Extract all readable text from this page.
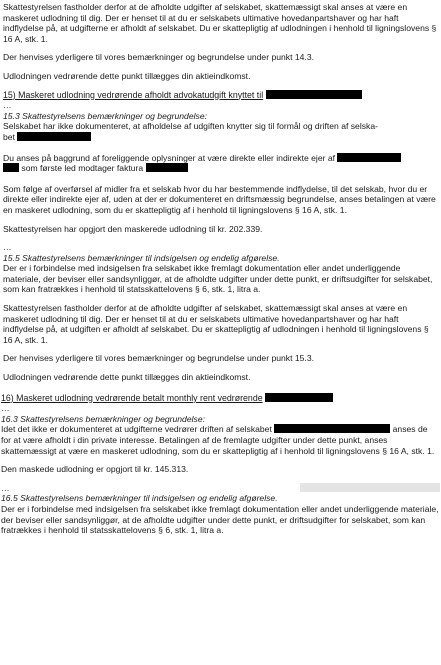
Skattestyrelsen fastholder derfor at de afholdte udgifter af selskabet, skattemæssigt skal anses at være en maskeret udlodning til dig. Der er henset til at du er selskabets ultimative hovedanpartshaver og har haft indflydelse på, at udgifterne er afholdt af selskabet. Du er skattepligtig af udlodningen i henhold til ligningslovens § 16 A, stk. 1.

Der henvises yderligere til vores bemærkninger og begrundelse under punkt 14.3.

Udlodningen vedrørende dette punkt tillægges din aktieindkomst.

15) Maskeret udlodning vedrørende afholdt advokatudgift knyttet til

…

15.3 Skattestyrelsens bemærkninger og begrundelse:

Selskabet har ikke dokumenteret, at afholdelse af udgiften knytter sig til formål og driften af selska-

bet

Du anses på baggrund af foreliggende oplysninger at være direkte eller indirekte ejer af
som første led modtager faktura

Som følge af overførsel af midler fra et selskab hvor du har bestemmende indflydelse, til det selskab, hvor du er direkte eller indirekte ejer af, uden at der er dokumenteret en driftsmæssig begrundelse, anses betalingen at være en maskeret udlodning, som du er skattepligtig af i henhold til ligningslovens § 16 A, stk. 1.

Skattestyrelsen har opgjort den maskerede udlodning til kr. 202.339.

…

15.5 Skattestyrelsens bemærkninger til indsigelsen og endelig afgørelse.

Der er i forbindelse med indsigelsen fra selskabet ikke fremlagt dokumentation eller andet underliggende materiale, der beviser eller sandsynliggør, at de afholdte udgifter under dette punkt, er driftsudgifter for selskabet, som kan fratrækkes i henhold til statsskattelovens § 6, stk. 1, litra a.

Skattestyrelsen fastholder derfor at de afholdte udgifter af selskabet, skattemæssigt skal anses at være en maskeret udlodning til dig. Der er henset til at du er selskabets ultimative hovedanpartshaver og har haft indflydelse på, at udgiften er afholdt af selskabet. Du er skattepligtig af udlodningen i henhold til ligningslovens § 16 A, stk. 1.

Der henvises yderligere til vores bemærkninger og begrundelse under punkt 15.3.

Udlodningen vedrørende dette punkt tillægges din aktieindkomst.

16) Maskeret udlodning vedrørende betalt monthly rent vedrørende

…

16.3 Skattestyrelsens bemærkninger og begrundelse:

Idet det ikke er dokumenteret at udgifterne vedrører driften af selskabet	anses de for at være afholdt i din private interesse. Betalingen af de fremlagte udgifter under dette punkt, anses skattemæssigt at være en maskeret udlodning, som du er skattepligtig af i henhold til ligningslovens § 16 A, stk. 1.

Den maskede udlodning er opgjort til kr. 145.313.

…

16.5 Skattestyrelsens bemærkninger til indsigelsen og endelig afgørelse.

Der er i forbindelse med indsigelsen fra selskabet ikke fremlagt dokumentation eller andet underliggende materiale, der beviser eller sandsynliggør, at de afholdte udgifter under dette punkt, er driftsudgifter for selskabet, som kan fratrækkes i henhold til statsskattelovens § 6, stk. 1, litra a.
